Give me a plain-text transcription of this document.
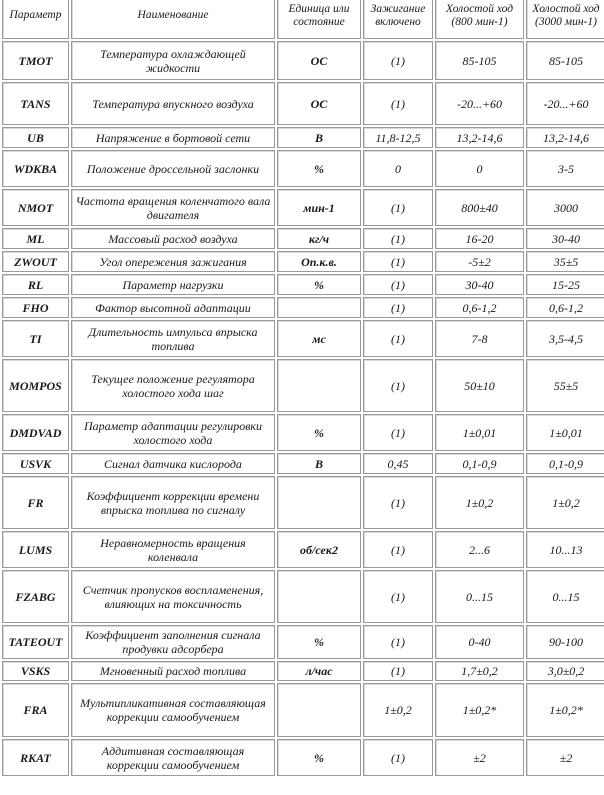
Параметр	Наименование	Единица или состояние	Зажигание включено	Холостой ход (800 мин-1)	Холостой ход (3000 мин-1)
TMOT	Температура охлаждающей жидкости	ОС	(1)	85-105	85-105
TANS	Температура впускного воздуха	ОС	(1)	-20...+60	-20...+60
UB	Напряжение в бортовой сети	В	11,8-12,5	13,2-14,6	13,2-14,6
WDKBA	Положение дроссельной заслонки	%	0	0	3-5
NMOT	Частота вращения коленчатого вала двигателя	мин-1	(1)	800±40	3000
ML	Массовый расход воздуха	кг/ч	(1)	16-20	30-40
ZWOUT	Угол опережения зажигания	Оп.к.в.	(1)	-5±2	35±5
RL	Параметр нагрузки	%	(1)	30-40	15-25
FHO	Фактор высотной адаптации		(1)	0,6-1,2	0,6-1,2
TI	Длительность импульса впрыска топлива	мс	(1)	7-8	3,5-4,5
MOMPOS	Текущее положение регулятора холостого хода шаг		(1)	50±10	55±5
DMDVAD	Параметр адаптации регулировки холостого хода	%	(1)	1±0,01	1±0,01
USVK	Сигнал датчика кислорода	В	0,45	0,1-0,9	0,1-0,9
FR	Коэффициент коррекции времени впрыска топлива по сигналу		(1)	1±0,2	1±0,2
LUMS	Неравномерность вращения коленвала	об/сек2	(1)	2...6	10...13
FZABG	Счетчик пропусков воспламенения, влияющих на токсичность		(1)	0...15	0...15
TATEOUT	Коэффициент заполнения сигнала продувки адсорбера	%	(1)	0-40	90-100
VSKS	Мгновенный расход топлива	л/час	(1)	1,7±0,2	3,0±0,2
FRA	Мультипликативная составляющая коррекции самообучением		1±0,2	1±0,2*	1±0,2*
RKAT	Аддитивная составляющая коррекции самообучением	%	(1)	±2	±2
